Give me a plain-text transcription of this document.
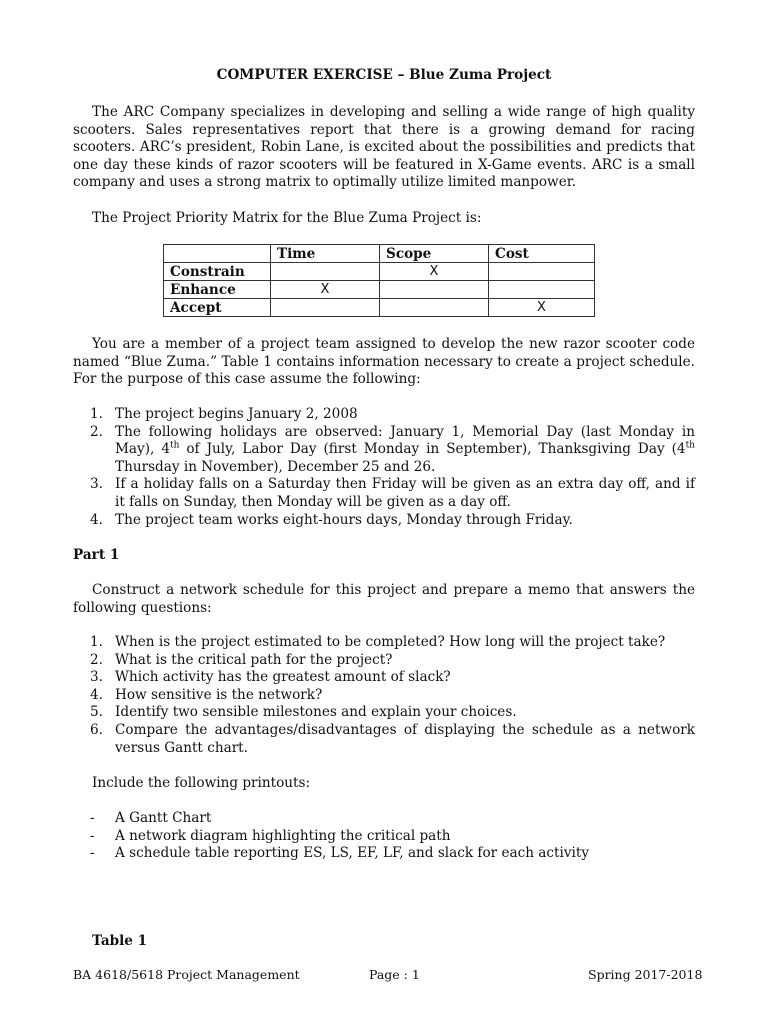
COMPUTER EXERCISE – Blue Zuma Project
The ARC Company specializes in developing and selling a wide range of high quality scooters. Sales representatives report that there is a growing demand for racing scooters. ARC’s president, Robin Lane, is excited about the possibilities and predicts that one day these kinds of razor scooters will be featured in X-Game events. ARC is a small company and uses a strong matrix to optimally utilize limited manpower.
The Project Priority Matrix for the Blue Zuma Project is:
	Time	Scope	Cost
Constrain		X	
Enhance	X		
Accept			X
You are a member of a project team assigned to develop the new razor scooter code named “Blue Zuma.” Table 1 contains information necessary to create a project schedule. For the purpose of this case assume the following:
1. The project begins January 2, 2008
2. The following holidays are observed: January 1, Memorial Day (last Monday in May), 4th of July, Labor Day (first Monday in September), Thanksgiving Day (4th Thursday in November), December 25 and 26.
3. If a holiday falls on a Saturday then Friday will be given as an extra day off, and if it falls on Sunday, then Monday will be given as a day off.
4. The project team works eight-hours days, Monday through Friday.
Part 1
Construct a network schedule for this project and prepare a memo that answers the following questions:
1. When is the project estimated to be completed? How long will the project take?
2. What is the critical path for the project?
3. Which activity has the greatest amount of slack?
4. How sensitive is the network?
5. Identify two sensible milestones and explain your choices.
6. Compare the advantages/disadvantages of displaying the schedule as a network versus Gantt chart.
Include the following printouts:
- A Gantt Chart
- A network diagram highlighting the critical path
- A schedule table reporting ES, LS, EF, LF, and slack for each activity
Table 1
BA 4618/5618 Project Management	Page : 1	Spring 2017-2018
